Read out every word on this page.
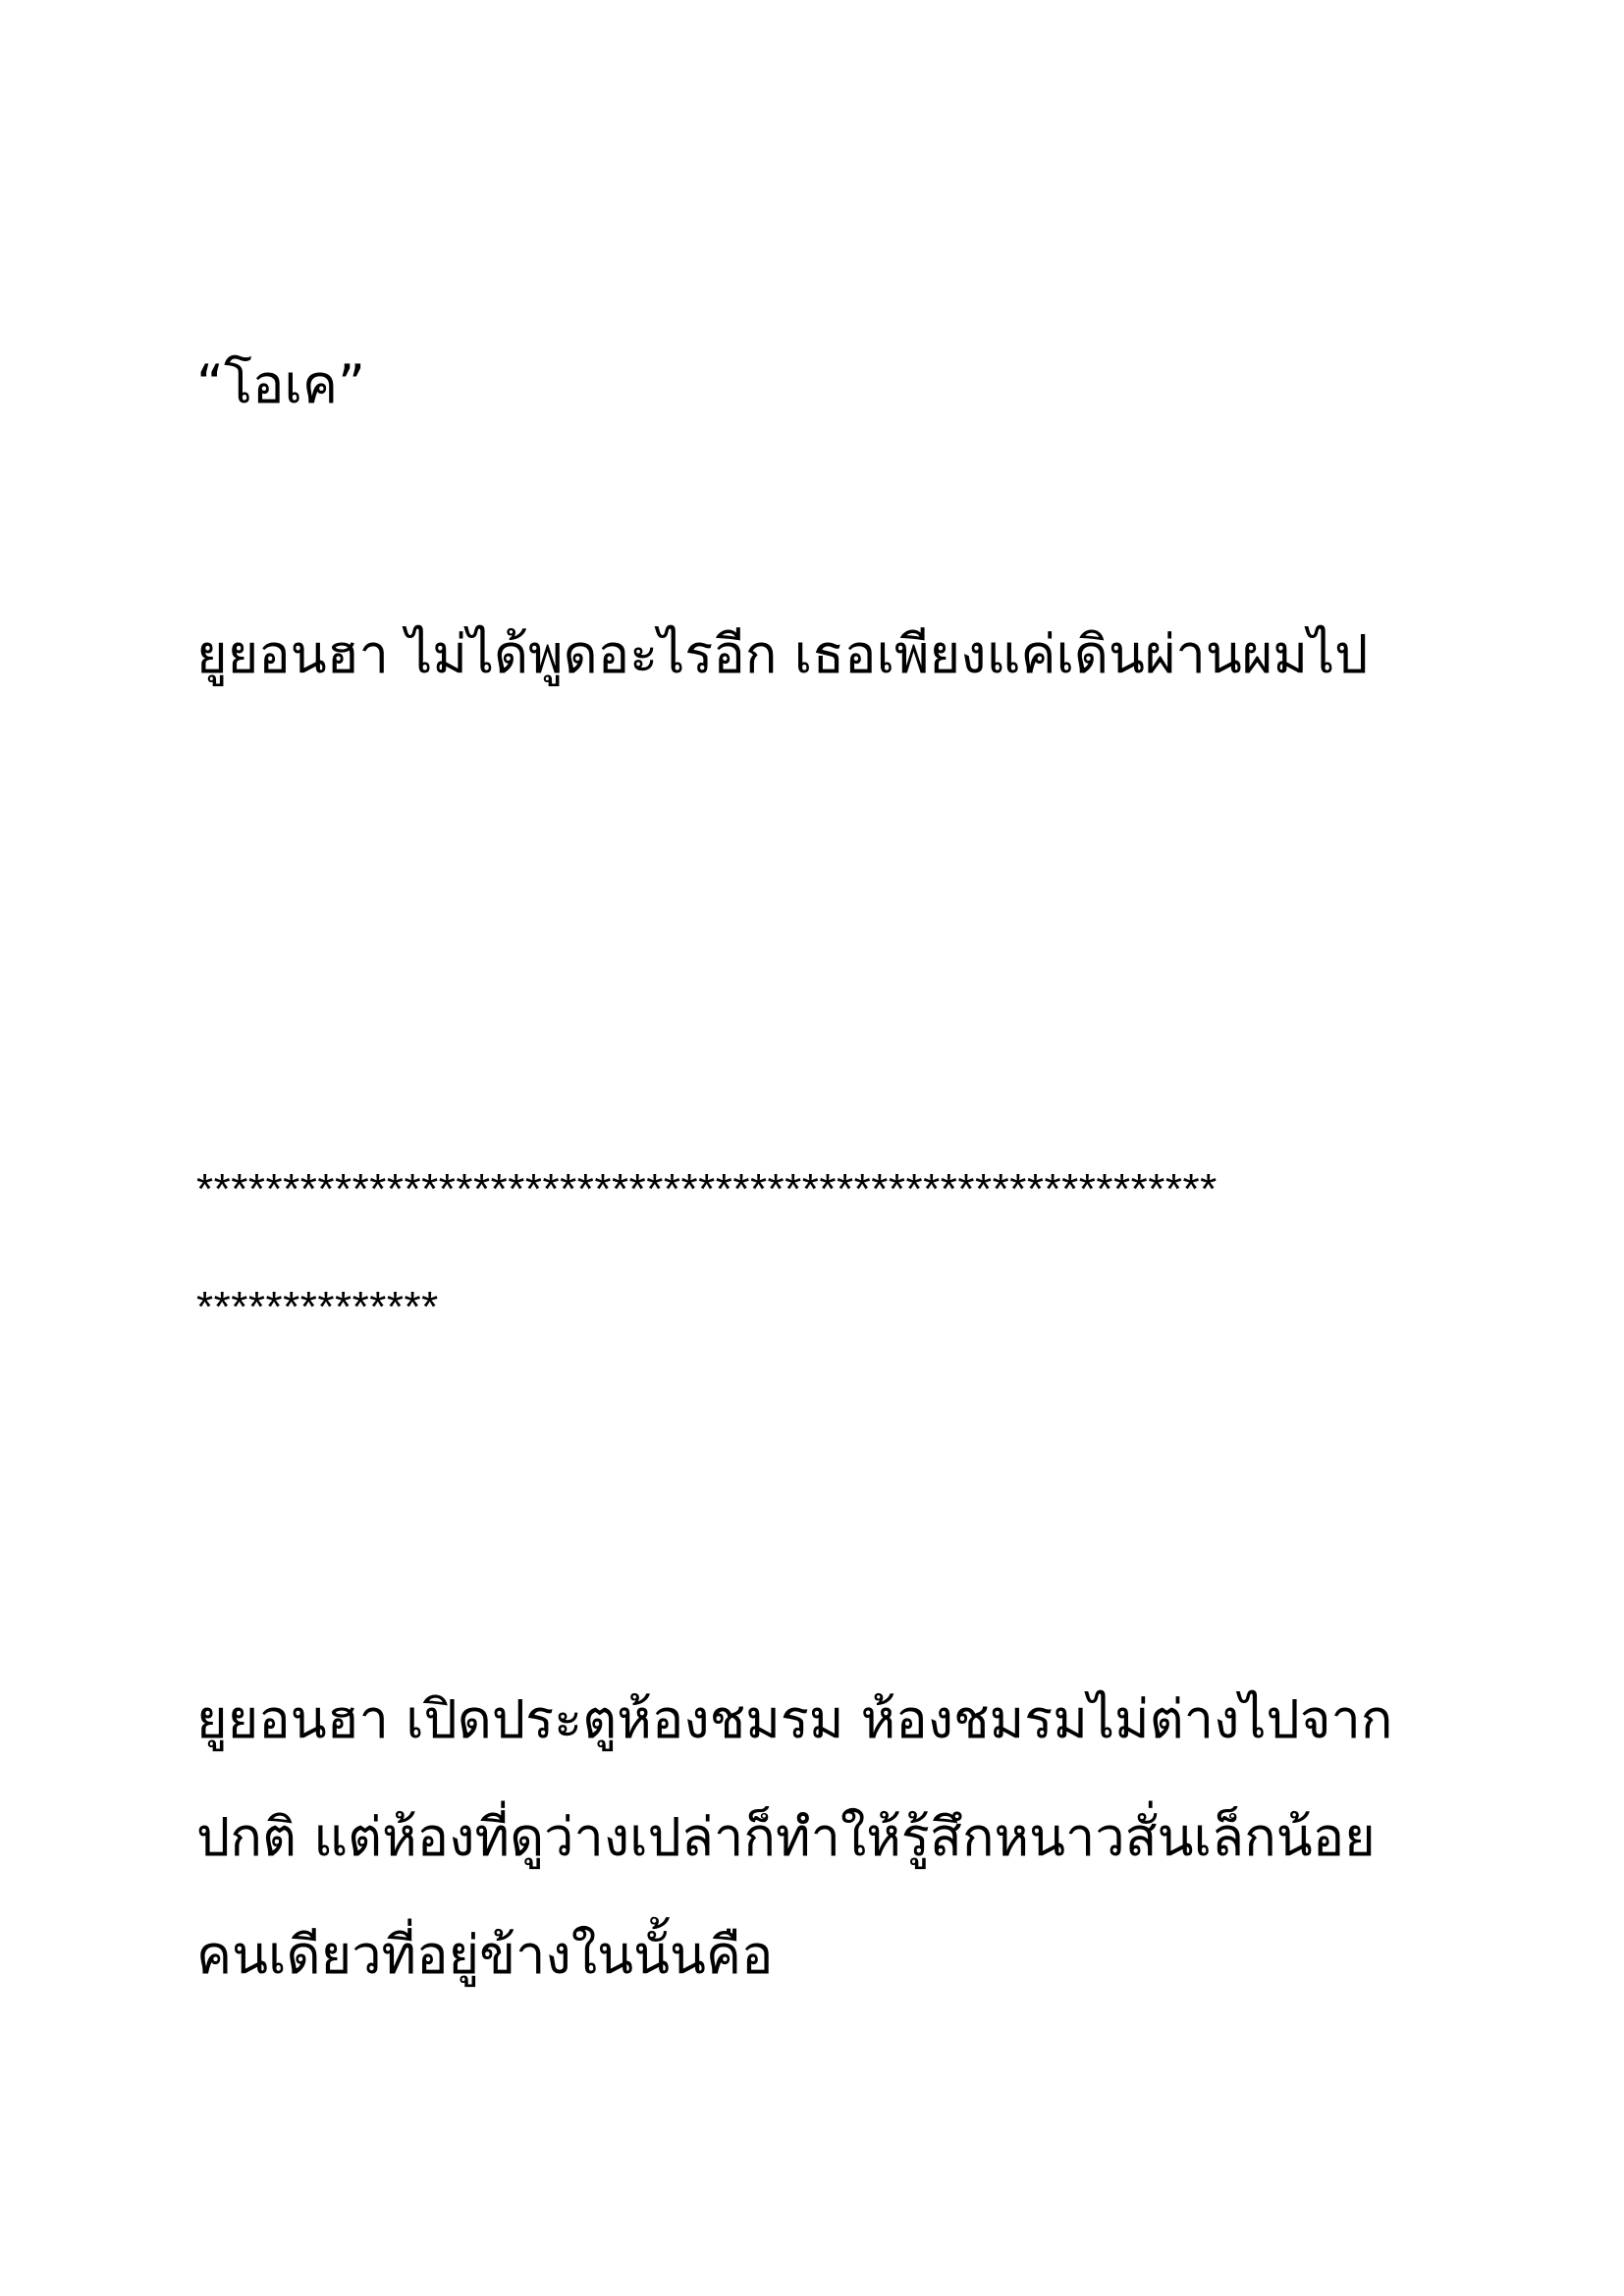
“โอเค”

ยูยอนฮา ไม่ได้พูดอะไรอีก เธอเพียงแค่เดินผ่านผมไป

***********************************************************

**************

ยูยอนฮา เปิดประตูห้องชมรม ห้องชมรมไม่ต่างไปจาก

ปกติ แต่ห้องที่ดูว่างเปล่าก็ทำให้รู้สึกหนาวสั่นเล็กน้อย

คนเดียวที่อยู่ข้างในนั้นคือ
